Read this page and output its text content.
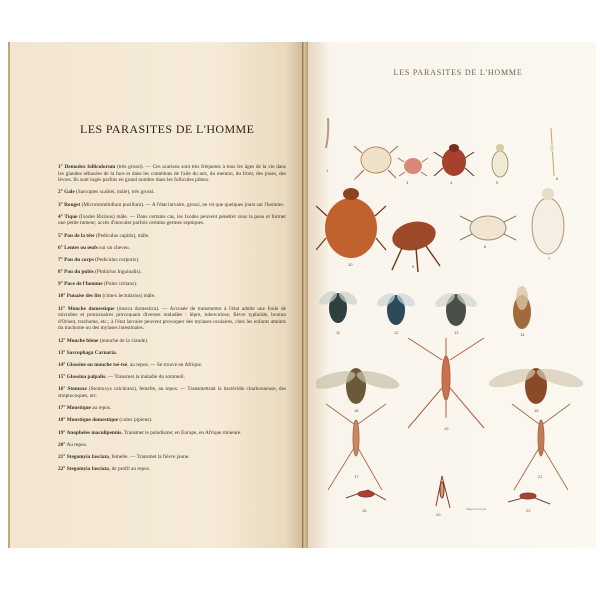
LES PARASITES DE L'HOMME

1° Demodex folliculorum (très grossi). — Ces acariens sont très fréquents à tous les âges de la vie dans les glandes sébacées de la face et dans les comédons de l'aile du nez, du menton, du front, des joues, des lèvres. Ils sont logés parfois en grand nombre dans les follicules pileux.

2° Gale (Sarcoptes scabiei, mâle), très grossi.

3° Rouget (Microtrombidium pusillum). — A l'état larvaire, grossi, ne vit que quelques jours sur l'homme.

4° Tique (Ixodes Ricinus) mâle. — Dans certains cas, les Ixodes peuvent pénétrer sous la peau et former une petite tumeur; accès d'inoculer parfois certains germes septiques.

5° Pou de la tête (Pediculus capitis), mâle.

6° Lentes ou œufs sur un cheveu.

7° Pou du corps (Pediculus corporis).

8° Pou du pubis (Phthirius Inguinalis).

9° Puce de l'homme (Pulex irritans).

10° Punaise des lits (cimex lectularius) mâle.

11° Mouche domestique (musca domestica). — Accusée de transmettre à l'état adulte une foule de microbes et protozoaires provoquant diverses maladies : lèpre, tuberculose, fièvre typhoïde, bouton d'Orient, trachome, etc.; à l'état larvaire peuvent provoquer des myiases oculaires, chez les enfants atteints du trachome ou des myiases intestinales.

12° Mouche bleue (mouche de la viande).

13° Sarcophaga Carnaria.

14° Glossine ou mouche tsé-tsé, au repos. — Se trouve en Afrique.

15° Glossina palpalis. — Transmet la maladie du sommeil.

16° Stomoxe (Stomoxys calcitrans), femelle, au repos. — Transmettrait la bactéridie charbonneuse, des streptocoques, etc.

17° Moustique au repos.

18° Moustique domestique (culex pipiens).

19° Anopheles maculipennis. Transmet le paludisme; en Europe, en Afrique mineure.

20° Au repos.

21° Stegomyia fasciata, femelle. — Transmet la fièvre jaune.

22° Stegomyia fasciata, de profil au repos.

LES PARASITES DE L'HOMME
2
3	4	5
1
6
10	9
8
7
11	12	13	14
16	15
17
19
21
18	22
20
Migeot à Lyon
